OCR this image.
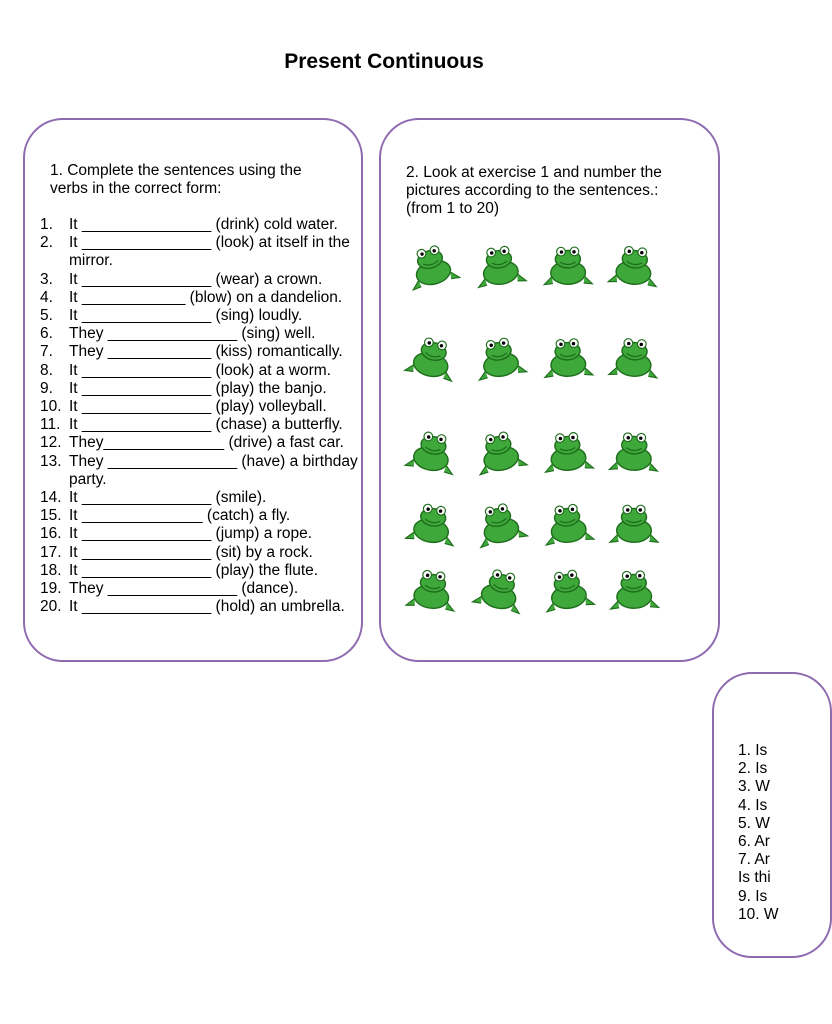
Present Continuous
1. Complete the sentences using the verbs in the correct form:
1.	It _______________ (drink) cold water.
2.	It _______________ (look) at itself in the mirror.
3.	It _______________ (wear) a crown.
4.	It ____________ (blow) on a dandelion.
5.	It _______________ (sing) loudly.
6.	They _______________ (sing) well.
7.	They ____________ (kiss) romantically.
8.	It _______________ (look) at a worm.
9.	It _______________ (play) the banjo.
10. It _______________ (play) volleyball.
11. It _______________ (chase) a butterfly.
12. They______________ (drive) a fast car.
13. They _______________ (have) a birthday party.
14. It _______________ (smile).
15. It ______________ (catch) a fly.
16. It _______________ (jump) a rope.
17. It _______________ (sit) by a rock.
18. It _______________ (play) the flute.
19. They _______________ (dance).
20. It _______________ (hold) an umbrella.
2. Look at exercise 1 and number the pictures according to the sentences.: (from 1 to 20)
1. Is
2. Is
3. W
4. Is
5. W
6. Ar
7. Ar
Is thi
9. Is
10. W
